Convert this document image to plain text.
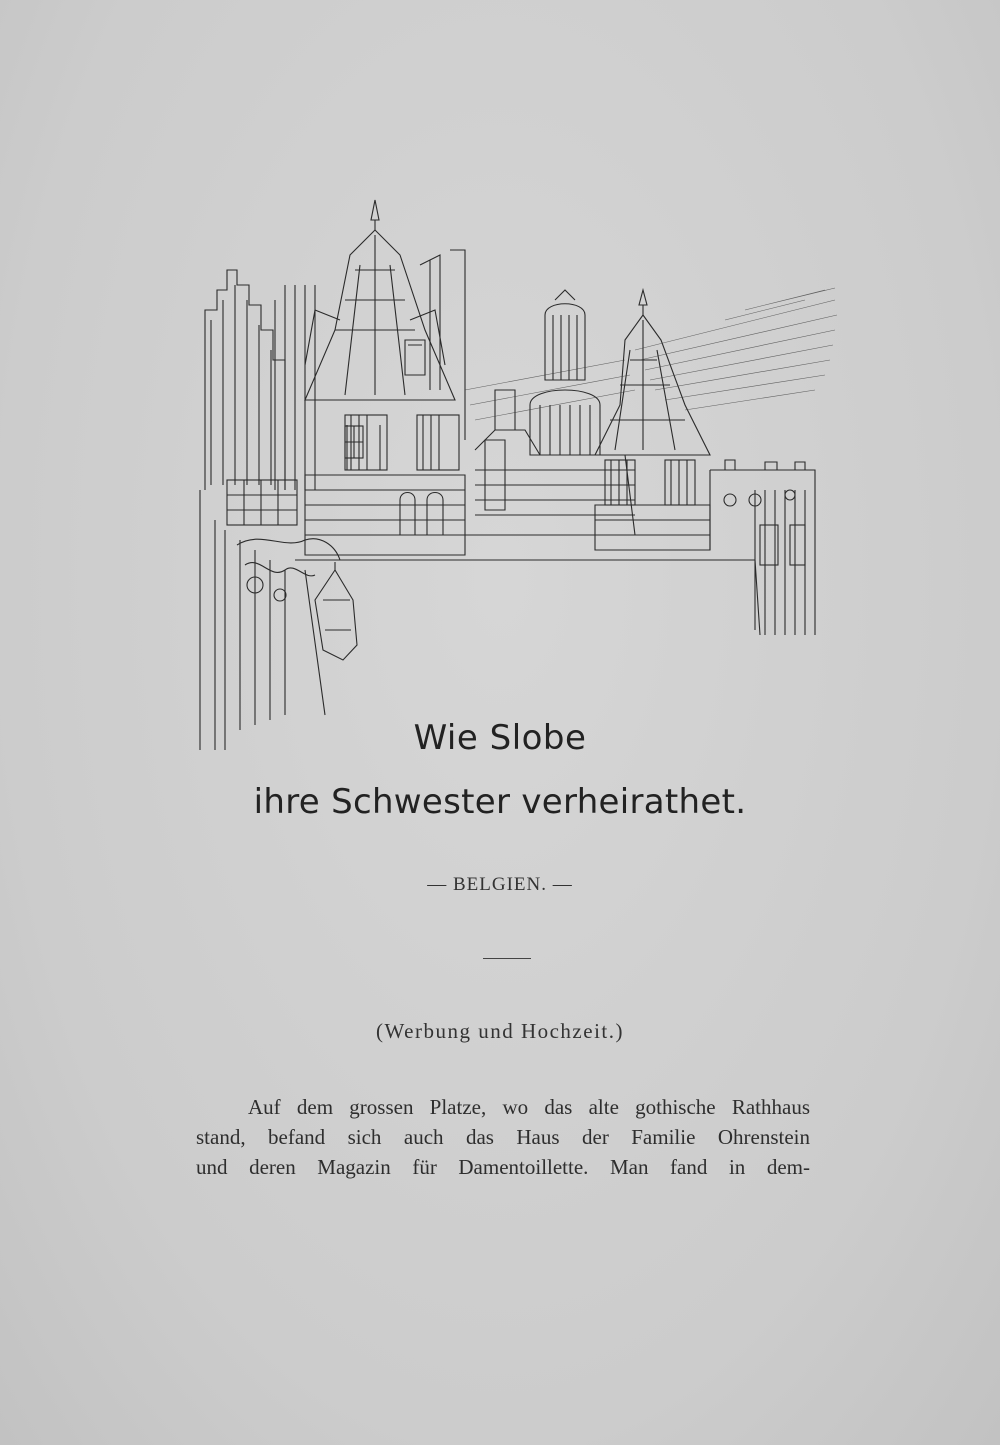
Wie Slobe
ihre Schwester verheirathet.
— BELGIEN. —
(Werbung und Hochzeit.)
Auf dem grossen Platze, wo das alte gothische Rathhaus
stand, befand sich auch das Haus der Familie Ohrenstein
und deren Magazin für Damentoillette. Man fand in dem-
